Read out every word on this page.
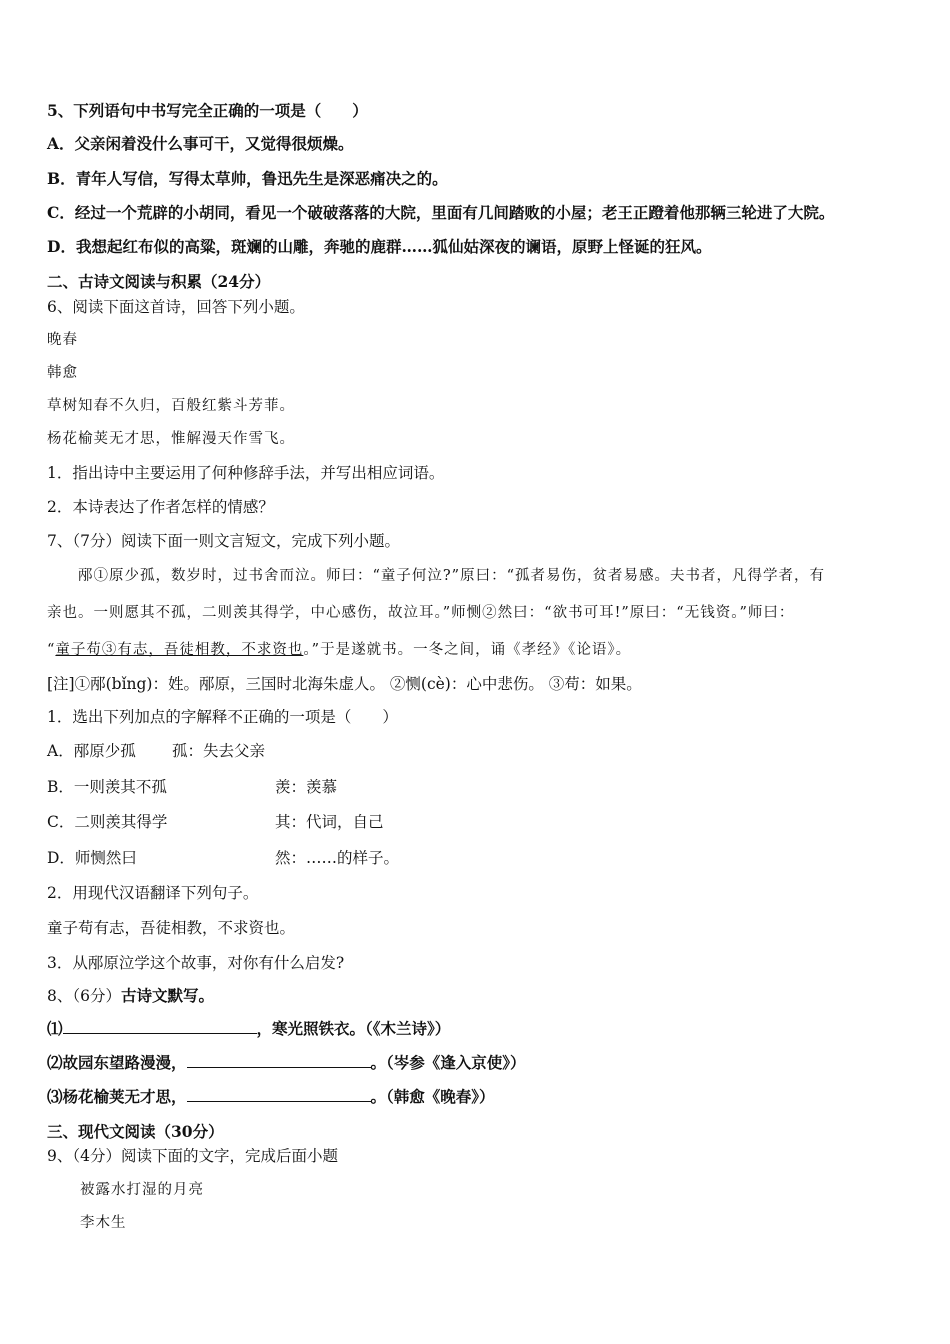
5、下列语句中书写完全正确的一项是（　　）
A．父亲闲着没什么事可干，又觉得很烦燥。
B．青年人写信，写得太草帅，鲁迅先生是深恶痛决之的。
C．经过一个荒辟的小胡同，看见一个破破落落的大院，里面有几间踏败的小屋；老王正蹬着他那辆三轮进了大院。
D．我想起红布似的高粱，斑斓的山雕，奔驰的鹿群……狐仙姑深夜的谰语，原野上怪诞的狂风。
二、古诗文阅读与积累（24分）
6、阅读下面这首诗，回答下列小题。
晚春
韩愈
草树知春不久归，百般红紫斗芳菲。
杨花榆荚无才思，惟解漫天作雪飞。
1．指出诗中主要运用了何种修辞手法，并写出相应词语。
2．本诗表达了作者怎样的情感？
7、（7分）阅读下面一则文言短文，完成下列小题。
邴①原少孤，数岁时，过书舍而泣。师曰：“童子何泣?”原曰：“孤者易伤，贫者易感。夫书者，凡得学者，有
亲也。一则愿其不孤，二则羡其得学，中心感伤，故泣耳。”师恻②然曰：“欲书可耳!”原曰：“无钱资。”师曰：
“童子苟③有志，吾徒相教，不求资也。”于是遂就书。一冬之间，诵《孝经》《论语》。
[注]①邴(bǐng)：姓。邴原，三国时北海朱虚人。 ②恻(cè)：心中悲伤。 ③苟：如果。
1．选出下列加点的字解释不正确的一项是（　　）
A．邴原少孤 孤：失去父亲
B．一则羡其不孤	羡：羡慕
C．二则羡其得学	其：代词，自己
D．师恻然曰	然：……的样子。
2．用现代汉语翻译下列句子。
童子苟有志，吾徒相教，不求资也。
3．从邴原泣学这个故事，对你有什么启发?
8、（6分）古诗文默写。
⑴	，寒光照铁衣。（《木兰诗》）
⑵故园东望路漫漫，	。（岑参《逢入京使》）
⑶杨花榆荚无才思，	。（韩愈《晚春》）
三、现代文阅读（30分）
9、（4分）阅读下面的文字，完成后面小题
被露水打湿的月亮
李木生
